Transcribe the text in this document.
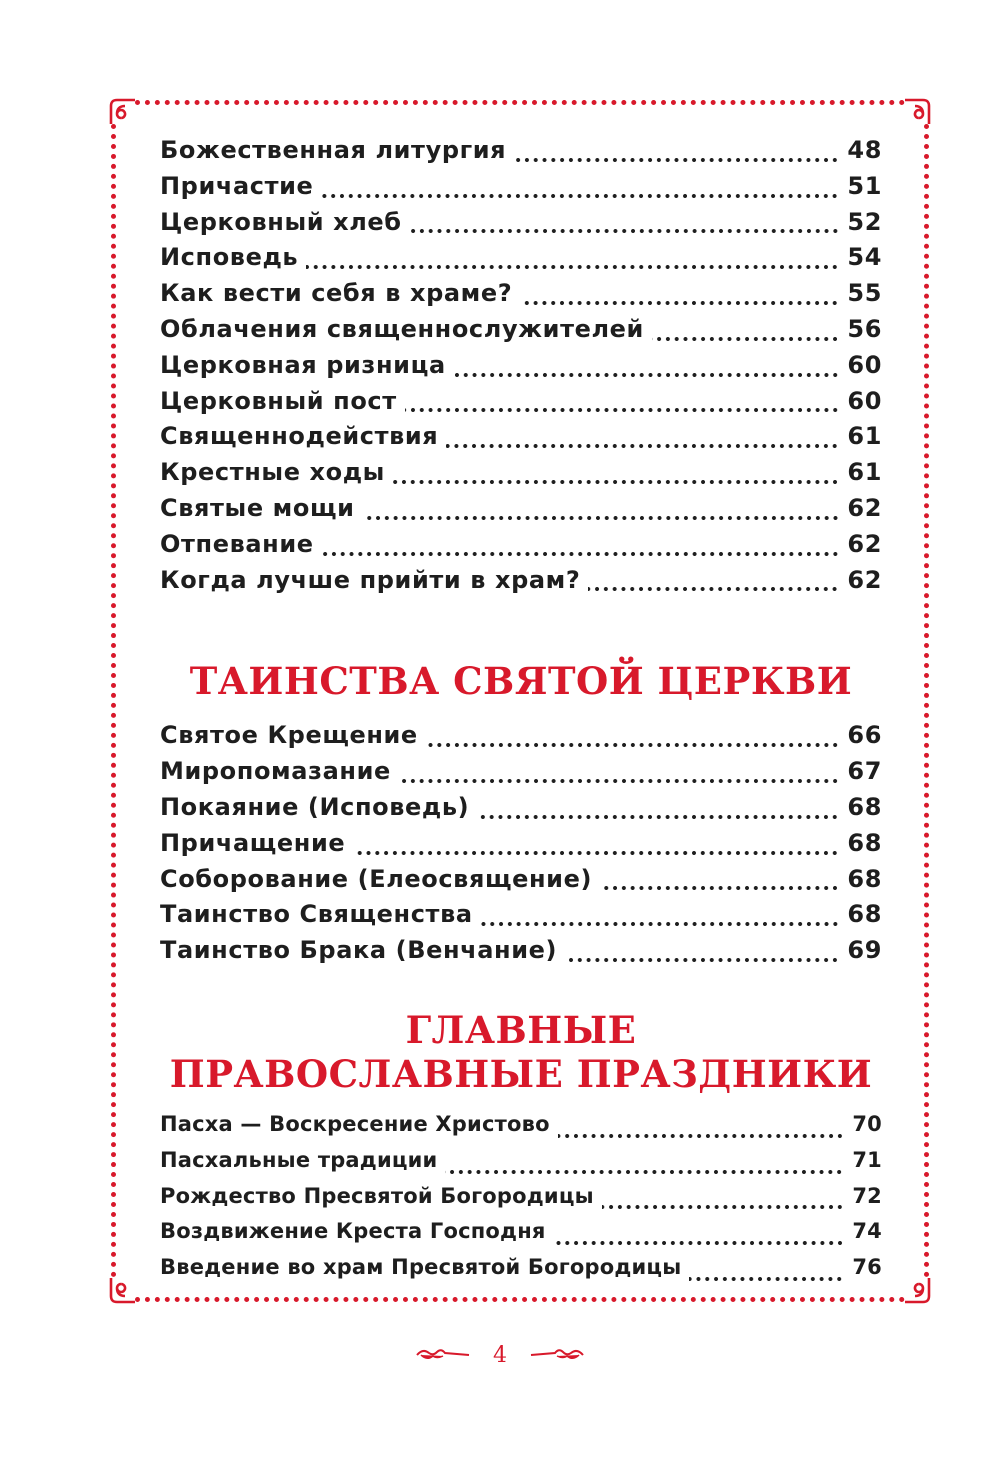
Божественная литургия	48
Причастие	51
Церковный хлеб	52
Исповедь	54
Как вести себя в храме?	55
Облачения священнослужителей	56
Церковная ризница	60
Церковный пост	60
Священнодействия	61
Крестные ходы	61
Святые мощи	62
Отпевание	62
Когда лучше прийти в храм?	62
ТАИНСТВА СВЯТОЙ ЦЕРКВИ
Святое Крещение	66
Миропомазание	67
Покаяние (Исповедь)	68
Причащение	68
Соборование (Елеосвящение)	68
Таинство Священства	68
Таинство Брака (Венчание)	69
ГЛАВНЫЕ
ПРАВОСЛАВНЫЕ ПРАЗДНИКИ
Пасха — Воскресение Христово	70
Пасхальные традиции	71
Рождество Пресвятой Богородицы	72
Воздвижение Креста Господня	74
Введение во храм Пресвятой Богородицы	76
4
